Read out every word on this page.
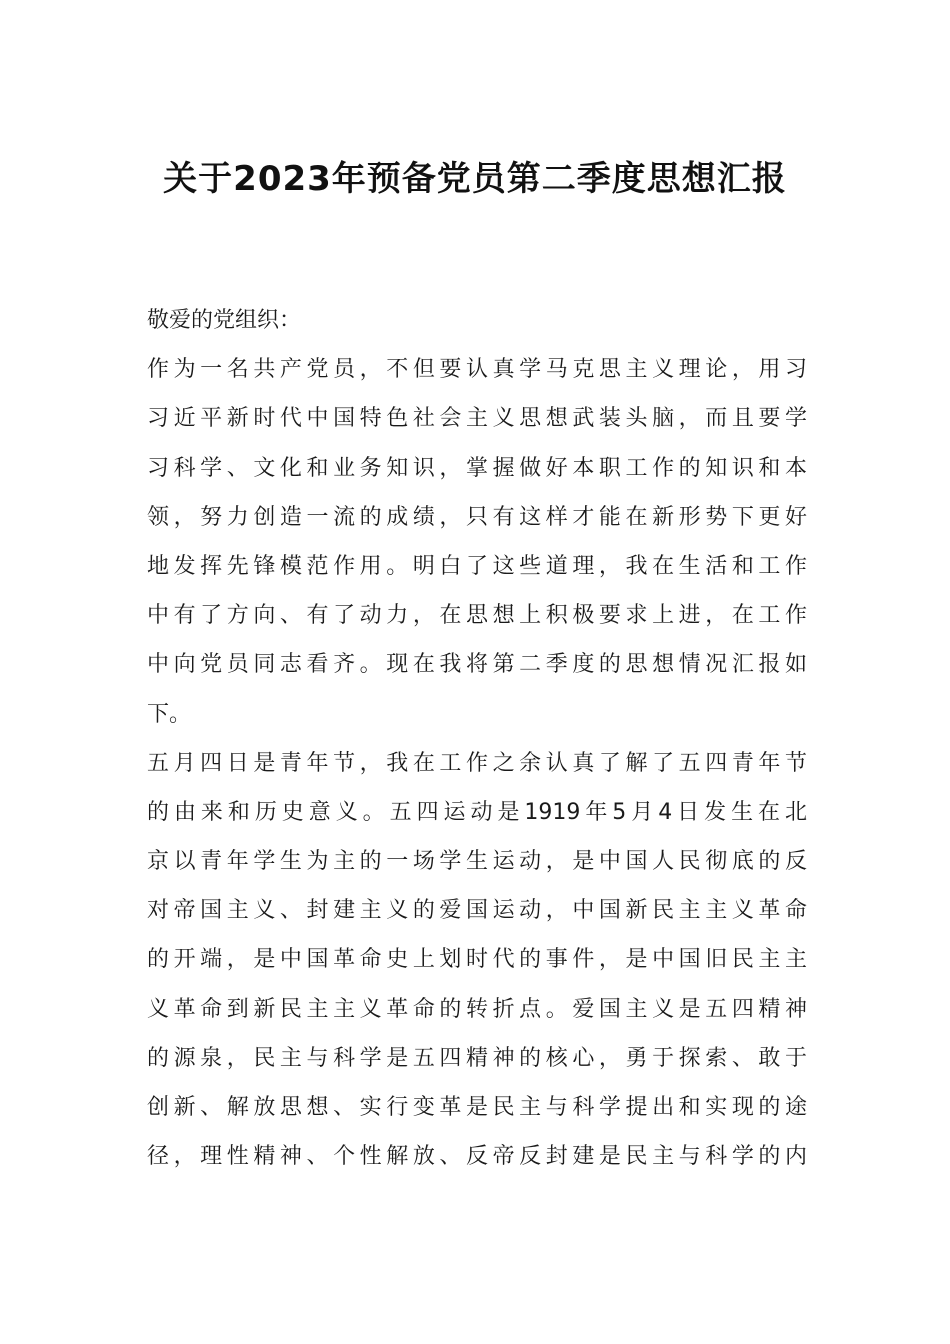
关于2023年预备党员第二季度思想汇报
敬爱的党组织：
作为一名共产党员，不但要认真学马克思主义理论，用习
习近平新时代中国特色社会主义思想武装头脑，而且要学
习科学、文化和业务知识，掌握做好本职工作的知识和本
领，努力创造一流的成绩，只有这样才能在新形势下更好
地发挥先锋模范作用。明白了这些道理，我在生活和工作
中有了方向、有了动力，在思想上积极要求上进，在工作
中向党员同志看齐。现在我将第二季度的思想情况汇报如
下。
五月四日是青年节，我在工作之余认真了解了五四青年节
的由来和历史意义。五四运动是1919年5月4日发生在北
京以青年学生为主的一场学生运动，是中国人民彻底的反
对帝国主义、封建主义的爱国运动，中国新民主主义革命
的开端，是中国革命史上划时代的事件，是中国旧民主主
义革命到新民主主义革命的转折点。爱国主义是五四精神
的源泉，民主与科学是五四精神的核心，勇于探索、敢于
创新、解放思想、实行变革是民主与科学提出和实现的途
径，理性精神、个性解放、反帝反封建是民主与科学的内
